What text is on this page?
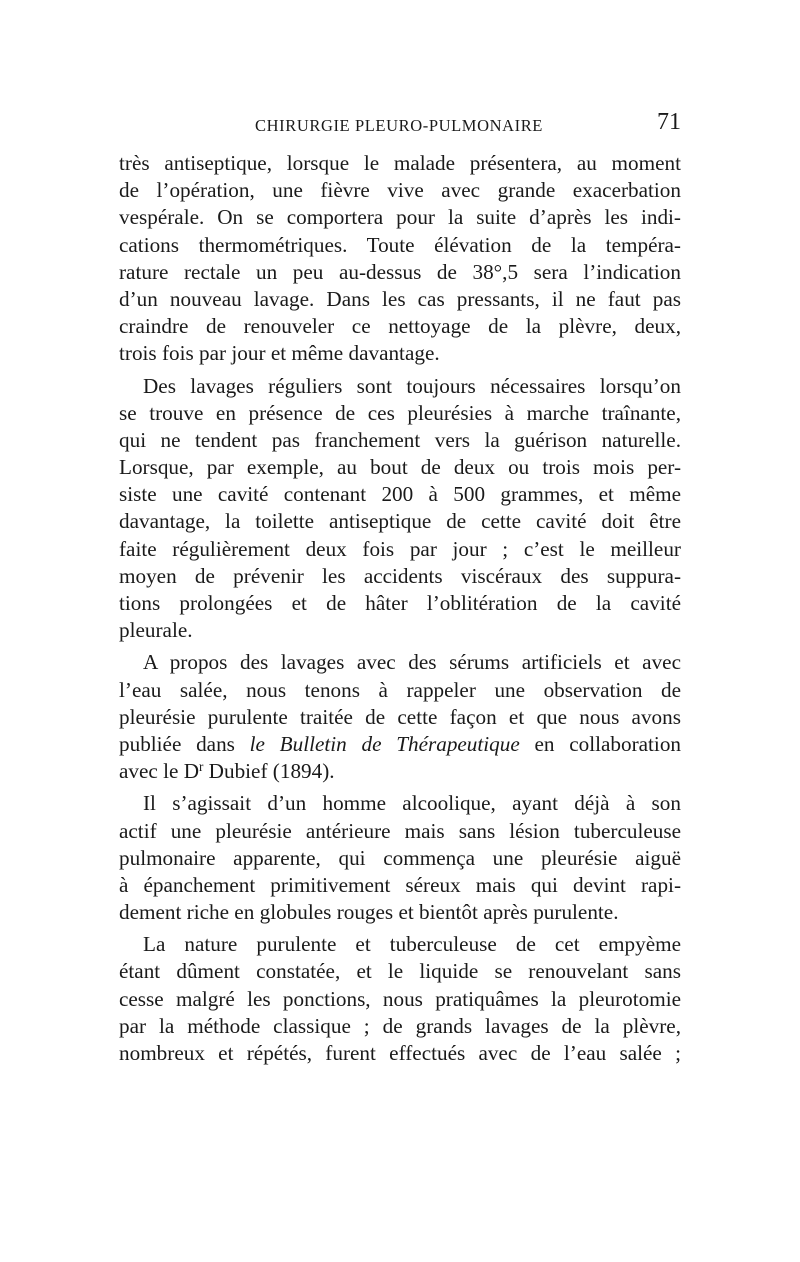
CHIRURGIE PLEURO-PULMONAIRE	71
très antiseptique, lorsque le malade présentera, au moment
de l’opération, une fièvre vive avec grande exacerbation
vespérale. On se comportera pour la suite d’après les indi-
cations thermométriques. Toute élévation de la tempéra-
rature rectale un peu au-dessus de 38°,5 sera l’indication
d’un nouveau lavage. Dans les cas pressants, il ne faut pas
craindre de renouveler ce nettoyage de la plèvre, deux,
trois fois par jour et même davantage.
Des lavages réguliers sont toujours nécessaires lorsqu’on
se trouve en présence de ces pleurésies à marche traînante,
qui ne tendent pas franchement vers la guérison naturelle.
Lorsque, par exemple, au bout de deux ou trois mois per-
siste une cavité contenant 200 à 500 grammes, et même
davantage, la toilette antiseptique de cette cavité doit être
faite régulièrement deux fois par jour ; c’est le meilleur
moyen de prévenir les accidents viscéraux des suppura-
tions prolongées et de hâter l’oblitération de la cavité
pleurale.
A propos des lavages avec des sérums artificiels et avec
l’eau salée, nous tenons à rappeler une observation de
pleurésie purulente traitée de cette façon et que nous avons
publiée dans le Bulletin de Thérapeutique en collaboration
avec le $D^r$ Dubief (1894).
Il s’agissait d’un homme alcoolique, ayant déjà à son
actif une pleurésie antérieure mais sans lésion tuberculeuse
pulmonaire apparente, qui commença une pleurésie aiguë
à épanchement primitivement séreux mais qui devint rapi-
dement riche en globules rouges et bientôt après purulente.
La nature purulente et tuberculeuse de cet empyème
étant dûment constatée, et le liquide se renouvelant sans
cesse malgré les ponctions, nous pratiquâmes la pleurotomie
par la méthode classique ; de grands lavages de la plèvre,
nombreux et répétés, furent effectués avec de l’eau salée ;
